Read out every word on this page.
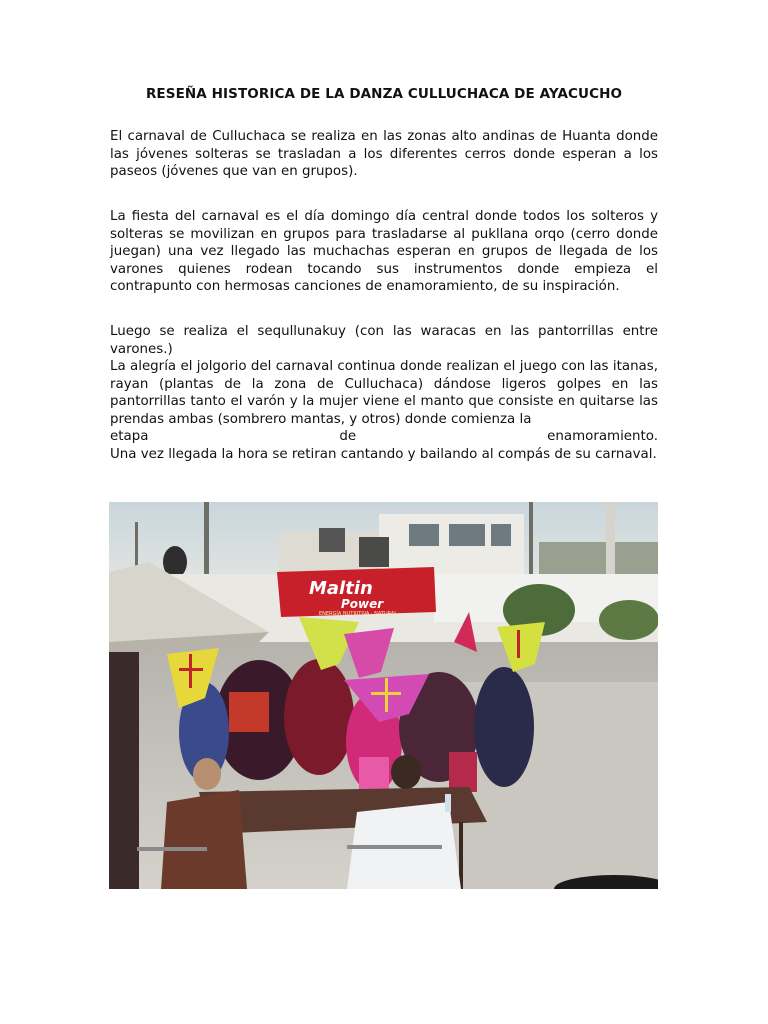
RESEÑA HISTORICA DE LA DANZA CULLUCHACA DE AYACUCHO

El carnaval de Culluchaca se realiza en las zonas alto andinas de Huanta donde las jóvenes solteras se trasladan a los diferentes cerros donde esperan a los paseos (jóvenes que van en grupos).

La fiesta del carnaval es el día domingo día central donde todos los solteros y solteras se movilizan en grupos para trasladarse al pukllana orqo (cerro donde juegan) una vez llegado las muchachas esperan en grupos de llegada de los varones quienes rodean tocando sus instrumentos donde empieza el contrapunto con hermosas canciones de enamoramiento, de su inspiración.

Luego se realiza el sequllunakuy (con las waracas en las pantorrillas entre varones.)

La alegría el jolgorio del carnaval continua donde realizan el juego con las itanas, rayan (plantas de la zona de Culluchaca) dándose ligeros golpes en las pantorrillas tanto el varón y la mujer viene el manto que consiste en quitarse las prendas ambas (sombrero mantas, y otros) donde comienza la
etapa de enamoramiento.

Una vez llegada la hora se retiran cantando y bailando al compás de su carnaval.

Maltin
Power
ENERGÍA NUTRITIVA · NATURAL
